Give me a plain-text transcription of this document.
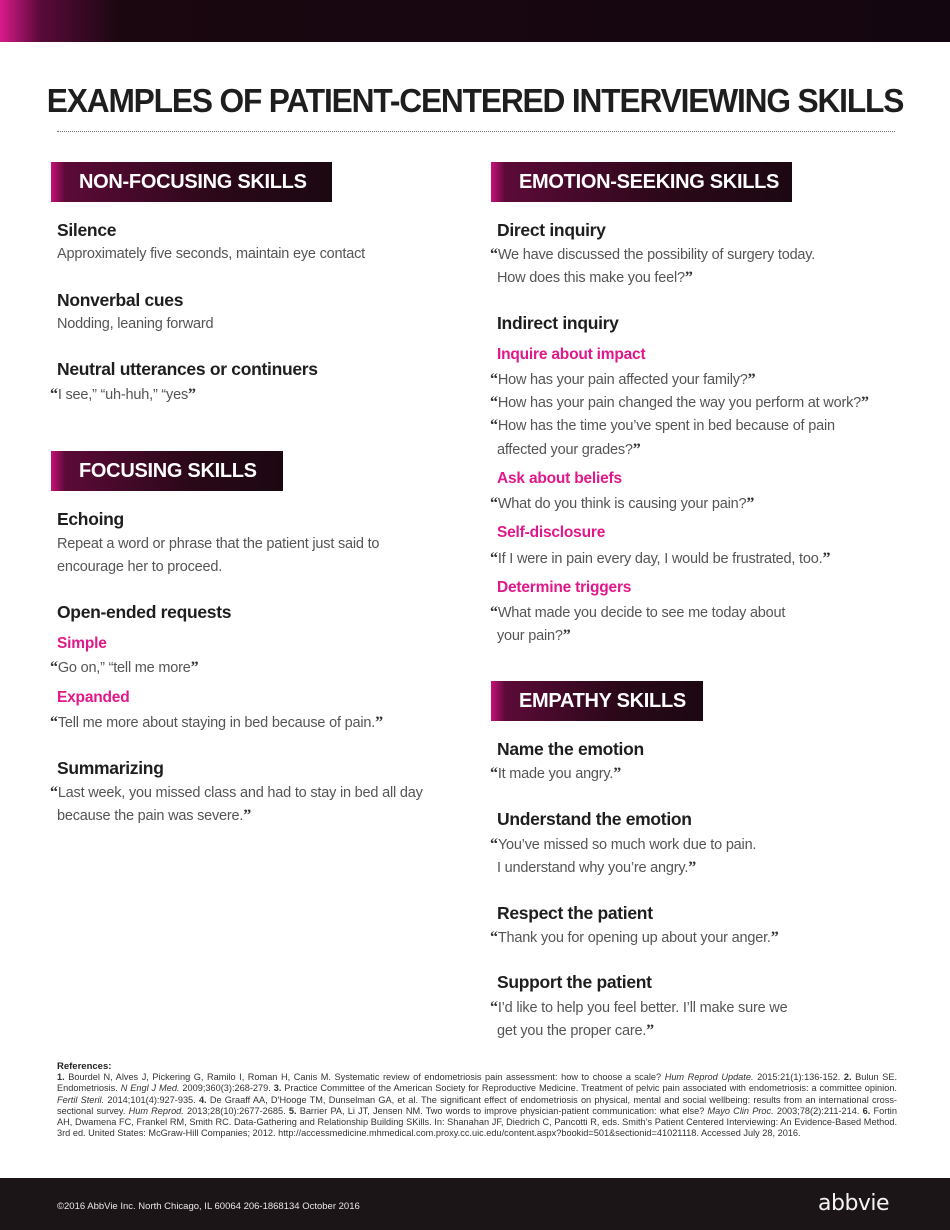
EXAMPLES OF PATIENT-CENTERED INTERVIEWING SKILLS
NON-FOCUSING SKILLS
Silence
Approximately five seconds, maintain eye contact
Nonverbal cues
Nodding, leaning forward
Neutral utterances or continuers
“I see,” “uh-huh,” “yes”
FOCUSING SKILLS
Echoing
Repeat a word or phrase that the patient just said to
encourage her to proceed.
Open-ended requests
Simple
“Go on,” “tell me more”
Expanded
“Tell me more about staying in bed because of pain.”
Summarizing
“Last week, you missed class and had to stay in bed all day
because the pain was severe.”
EMOTION-SEEKING SKILLS
Direct inquiry
“We have discussed the possibility of surgery today.
How does this make you feel?”
Indirect inquiry
Inquire about impact
“How has your pain affected your family?”
“How has your pain changed the way you perform at work?”
“How has the time you’ve spent in bed because of pain
affected your grades?”
Ask about beliefs
“What do you think is causing your pain?”
Self-disclosure
“If I were in pain every day, I would be frustrated, too.”
Determine triggers
“What made you decide to see me today about
your pain?”
EMPATHY SKILLS
Name the emotion
“It made you angry.”
Understand the emotion
“You’ve missed so much work due to pain.
I understand why you’re angry.”
Respect the patient
“Thank you for opening up about your anger.”
Support the patient
“I’d like to help you feel better. I’ll make sure we
get you the proper care.”
References:
1. Bourdel N, Alves J, Pickering G, Ramilo I, Roman H, Canis M. Systematic review of endometriosis pain assessment: how to choose a scale? Hum Reprod Update. 2015:21(1):136-152. 2. Bulun SE. Endometriosis. N Engl J Med. 2009;360(3):268-279. 3. Practice Committee of the American Society for Reproductive Medicine. Treatment of pelvic pain associated with endometriosis: a committee opinion. Fertil Steril. 2014;101(4):927-935. 4. De Graaff AA, D’Hooge TM, Dunselman GA, et al. The significant effect of endometriosis on physical, mental and social wellbeing: results from an international cross-sectional survey. Hum Reprod. 2013;28(10):2677-2685. 5. Barrier PA, Li JT, Jensen NM. Two words to improve physician-patient communication: what else? Mayo Clin Proc. 2003;78(2):211-214. 6. Fortin AH, Dwamena FC, Frankel RM, Smith RC. Data-Gathering and Relationship Building SKills. In: Shanahan JF, Diedrich C, Pancotti R, eds. Smith’s Patient Centered Interviewing: An Evidence-Based Method. 3rd ed. United States: McGraw-Hill Companies; 2012. http://accessmedicine.mhmedical.com.proxy.cc.uic.edu/content.aspx?bookid=501&sectionid=41021118. Accessed July 28, 2016.
©2016 AbbVie Inc. North Chicago, IL 60064 206-1868134 October 2016	abbvie
